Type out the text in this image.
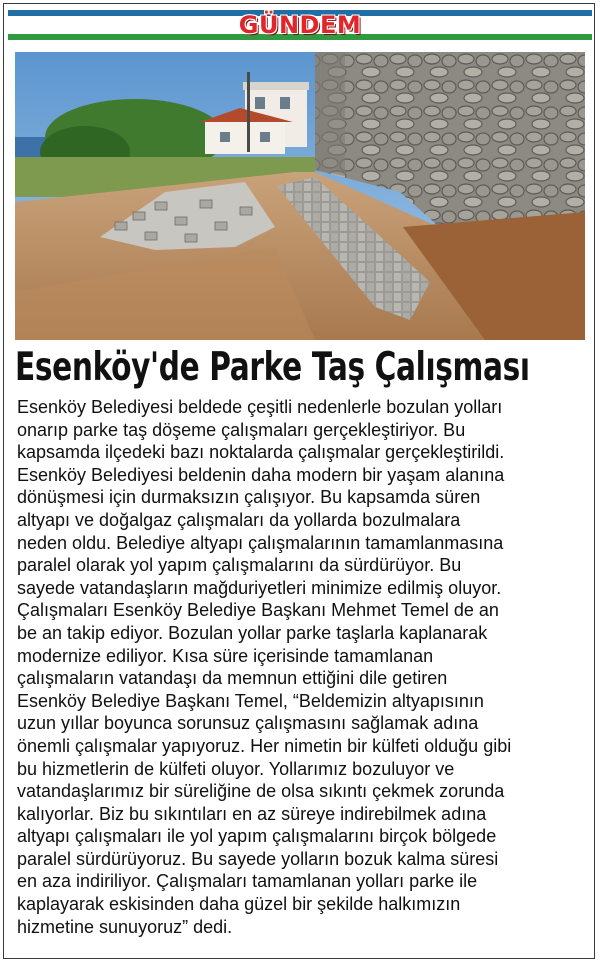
GÜNDEM
Esenköy'de Parke Taş Çalışması
Esenköy Belediyesi beldede çeşitli nedenlerle bozulan yolları
onarıp parke taş döşeme çalışmaları gerçekleştiriyor. Bu
kapsamda ilçedeki bazı noktalarda çalışmalar gerçekleştirildi.
Esenköy Belediyesi beldenin daha modern bir yaşam alanına
dönüşmesi için durmaksızın çalışıyor. Bu kapsamda süren
altyapı ve doğalgaz çalışmaları da yollarda bozulmalara
neden oldu. Belediye altyapı çalışmalarının tamamlanmasına
paralel olarak yol yapım çalışmalarını da sürdürüyor. Bu
sayede vatandaşların mağduriyetleri minimize edilmiş oluyor.
Çalışmaları Esenköy Belediye Başkanı Mehmet Temel de an
be an takip ediyor. Bozulan yollar parke taşlarla kaplanarak
modernize ediliyor. Kısa süre içerisinde tamamlanan
çalışmaların vatandaşı da memnun ettiğini dile getiren
Esenköy Belediye Başkanı Temel, “Beldemizin altyapısının
uzun yıllar boyunca sorunsuz çalışmasını sağlamak adına
önemli çalışmalar yapıyoruz. Her nimetin bir külfeti olduğu gibi
bu hizmetlerin de külfeti oluyor. Yollarımız bozuluyor ve
vatandaşlarımız bir süreliğine de olsa sıkıntı çekmek zorunda
kalıyorlar. Biz bu sıkıntıları en az süreye indirebilmek adına
altyapı çalışmaları ile yol yapım çalışmalarını birçok bölgede
paralel sürdürüyoruz. Bu sayede yolların bozuk kalma süresi
en aza indiriliyor. Çalışmaları tamamlanan yolları parke ile
kaplayarak eskisinden daha güzel bir şekilde halkımızın
hizmetine sunuyoruz” dedi.
